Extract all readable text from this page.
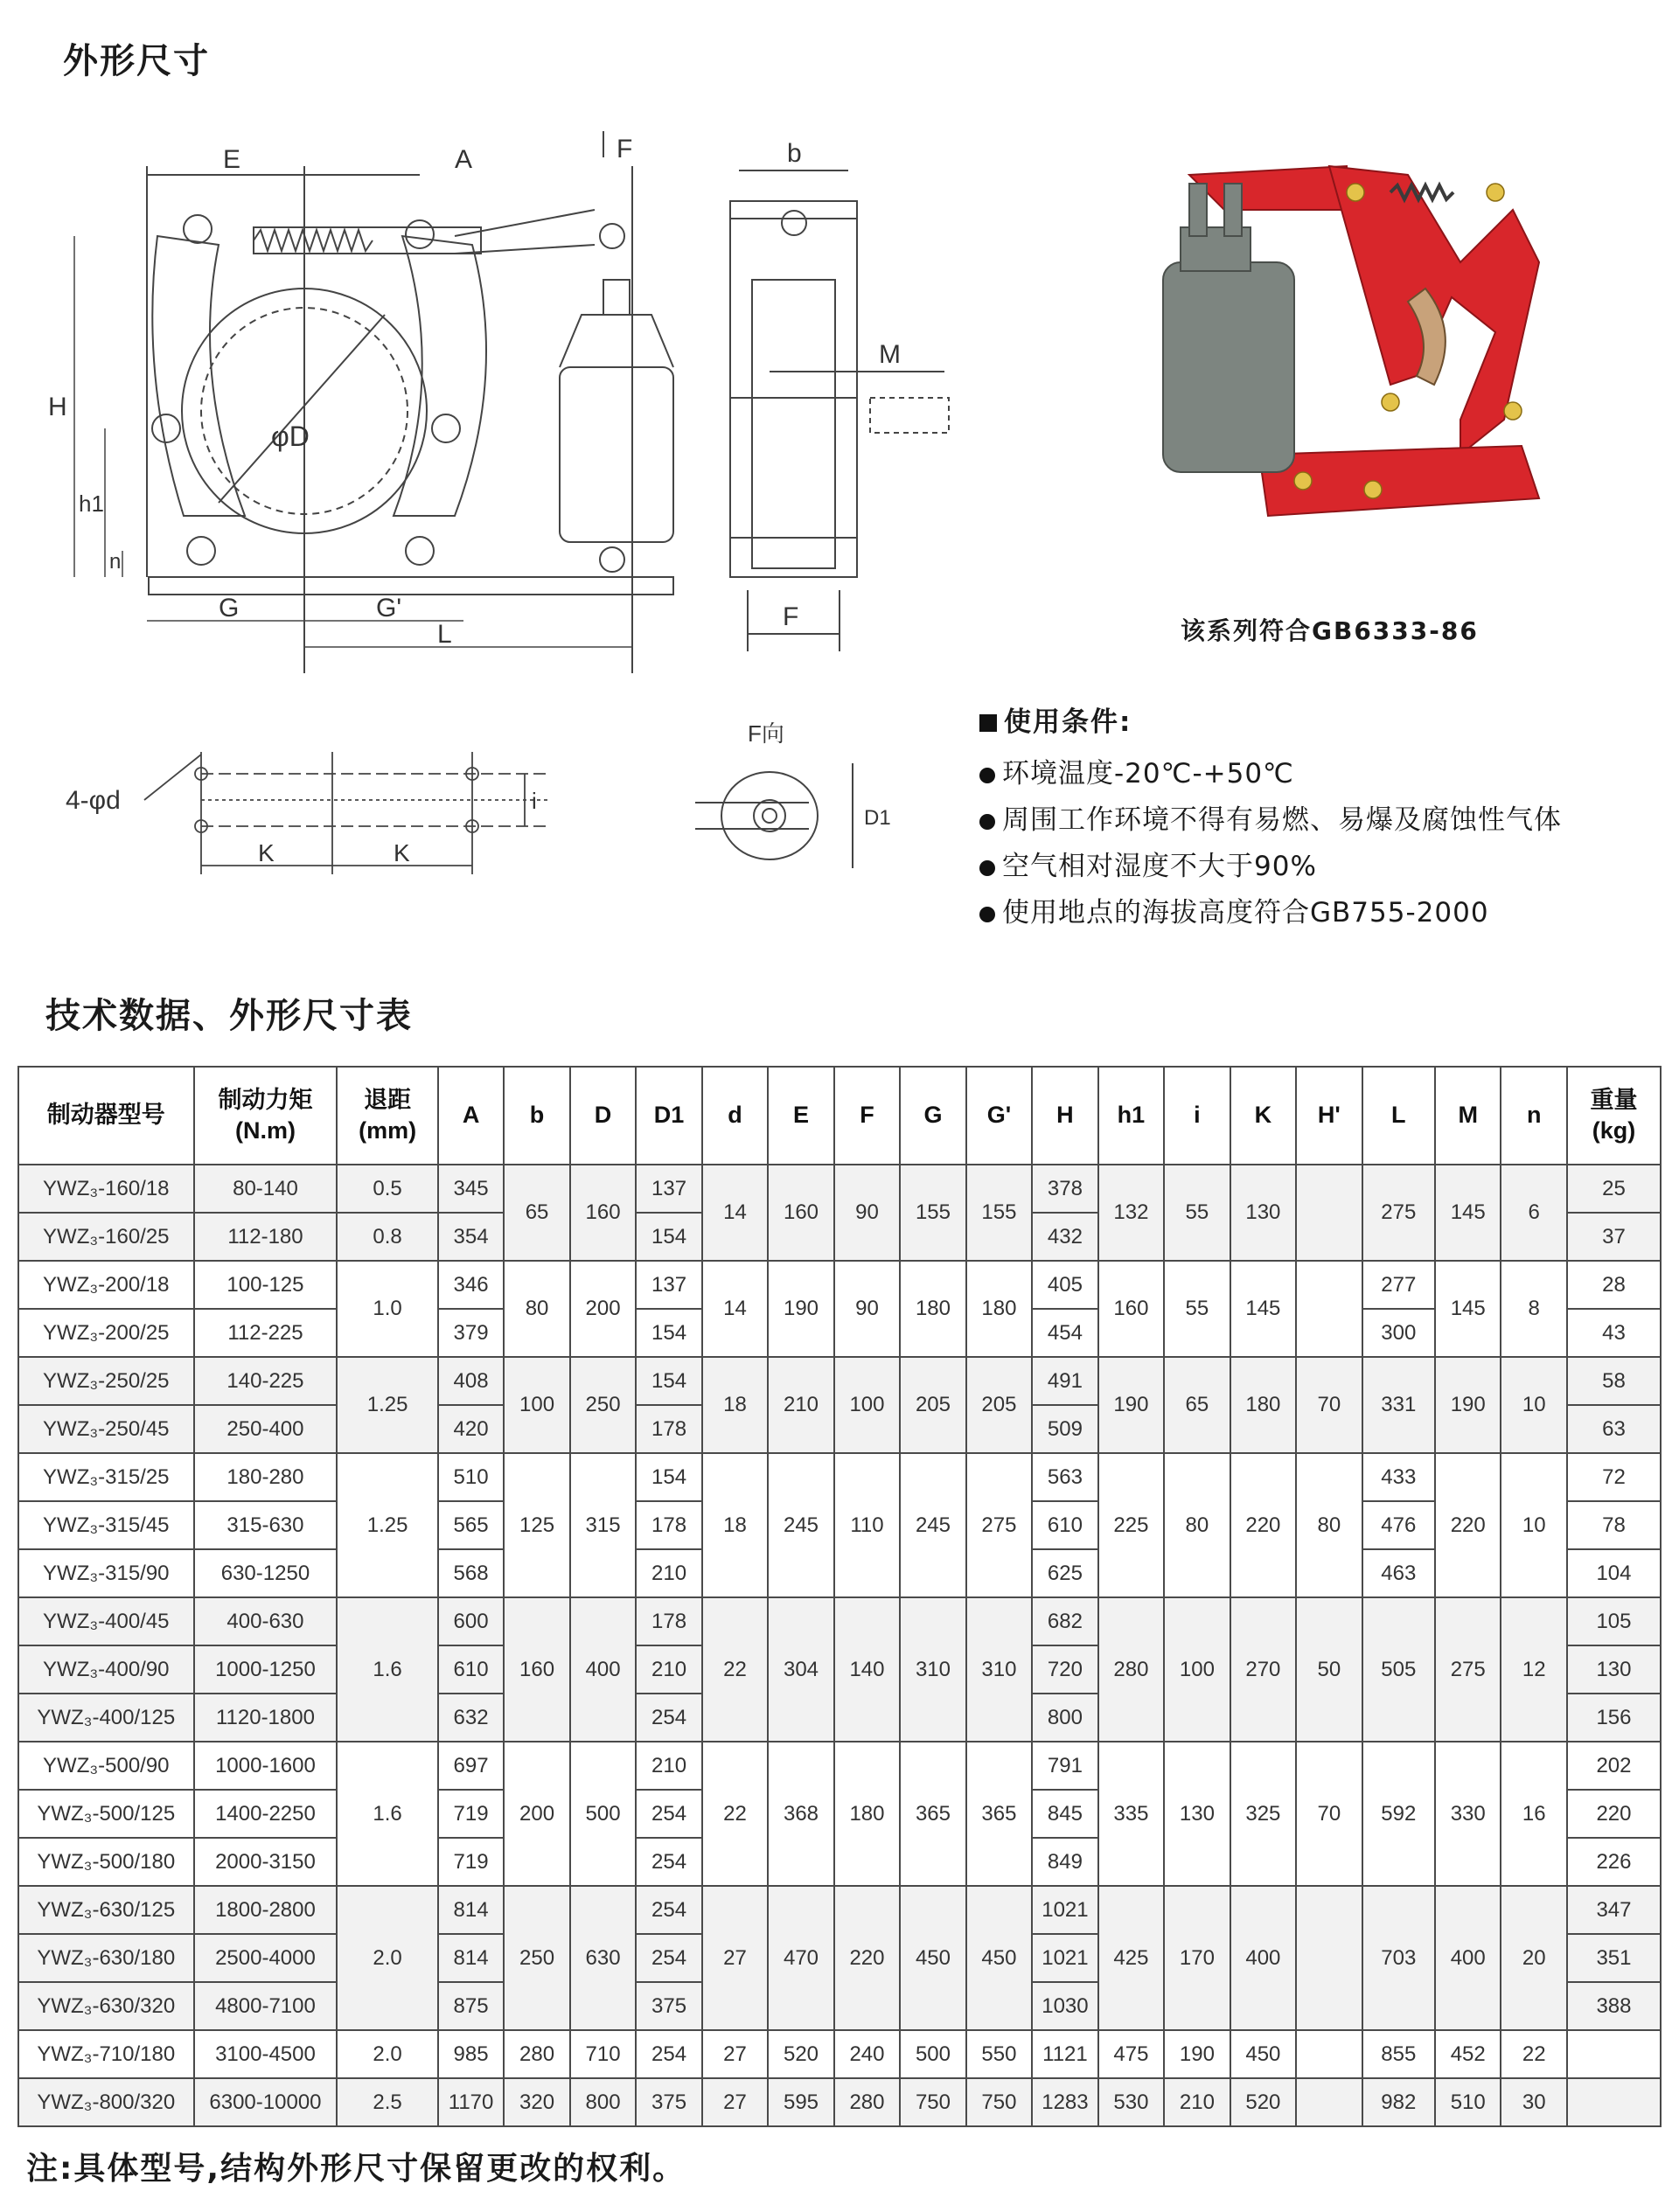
外形尺寸
E	A	F
H
h1
n
φD
G	G'
L
b
M
F	该系列符合GB6333-86
4-φd
K	K
i
F向
D1
使用条件:
环境温度-20℃-+50℃
周围工作环境不得有易燃、易爆及腐蚀性气体
空气相对湿度不大于90%
使用地点的海拔高度符合GB755-2000
技术数据、外形尺寸表
制动器型号	制动力矩
(N.m)	退距
(mm)	A	b	D	D1	d	E	F	G	G'	H	h1	i	K	H'	L	M	n	重量
(kg)
YWZ₃-160/18	80-140	0.5	345	65	160	137	14	160	90	155	155	378	132	55	130		275	145	6	25
YWZ₃-160/25	112-180	0.8	354			154						432								37
YWZ₃-200/18	100-125	1.0	346	80	200	137	14	190	90	180	180	405	160	55	145		277	145	8	28
YWZ₃-200/25	112-225		379			154						454					300			43
YWZ₃-250/25	140-225	1.25	408	100	250	154	18	210	100	205	205	491	190	65	180	70	331	190	10	58
YWZ₃-250/45	250-400		420			178						509								63
YWZ₃-315/25	180-280	1.25	510	125	315	154	18	245	110	245	275	563	225	80	220	80	433	220	10	72
YWZ₃-315/45	315-630		565			178						610					476			78
YWZ₃-315/90	630-1250		568			210						625					463			104
YWZ₃-400/45	400-630	1.6	600	160	400	178	22	304	140	310	310	682	280	100	270	50	505	275	12	105
YWZ₃-400/90	1000-1250		610			210						720								130
YWZ₃-400/125	1120-1800		632			254						800								156
YWZ₃-500/90	1000-1600	1.6	697	200	500	210	22	368	180	365	365	791	335	130	325	70	592	330	16	202
YWZ₃-500/125	1400-2250		719			254						845								220
YWZ₃-500/180	2000-3150		719			254						849								226
YWZ₃-630/125	1800-2800	2.0	814	250	630	254	27	470	220	450	450	1021	425	170	400		703	400	20	347
YWZ₃-630/180	2500-4000		814			254						1021								351
YWZ₃-630/320	4800-7100		875			375						1030								388
YWZ₃-710/180	3100-4500	2.0	985	280	710	254	27	520	240	500	550	1121	475	190	450		855	452	22	
YWZ₃-800/320	6300-10000	2.5	1170	320	800	375	27	595	280	750	750	1283	530	210	520		982	510	30	
注:具体型号,结构外形尺寸保留更改的权利。
